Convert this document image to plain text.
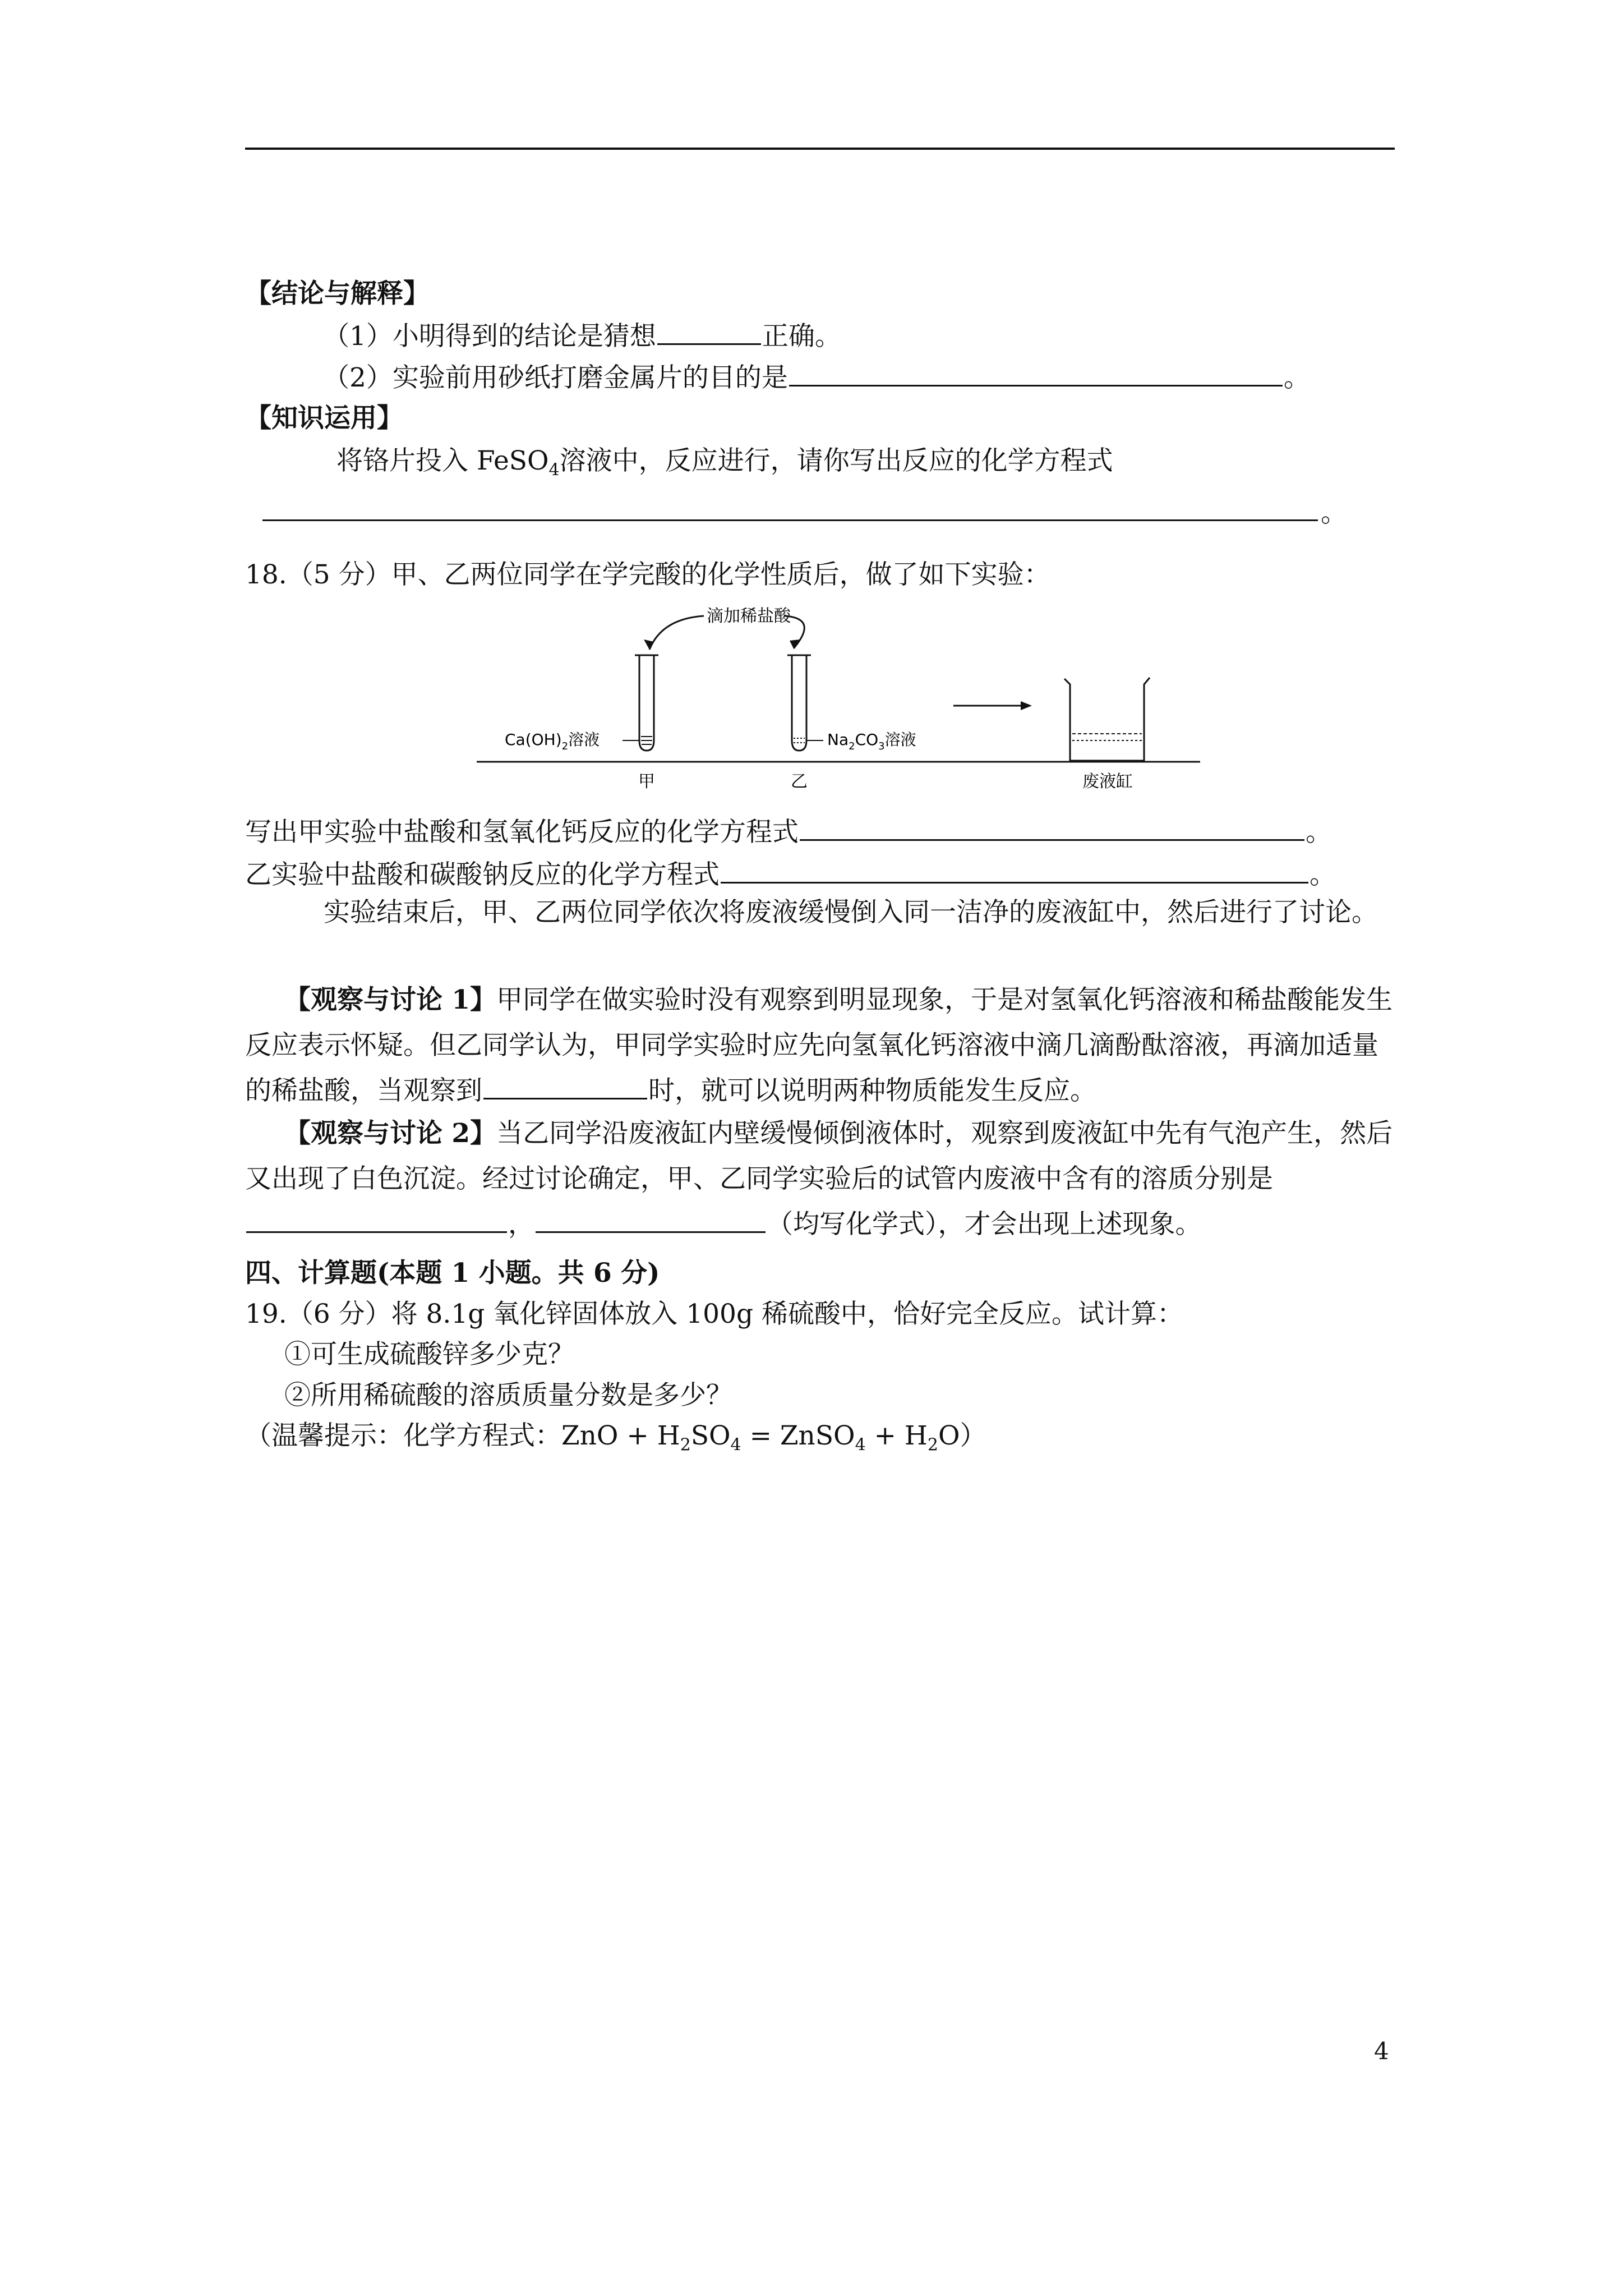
【结论与解释】
（1）小明得到的结论是猜想	正确。
（2）实验前用砂纸打磨金属片的目的是	。
【知识运用】
将铬片投入 FeSO$_4$溶液中，反应进行，请你写出反应的化学方程式
。
18.（5 分）甲、乙两位同学在学完酸的化学性质后，做了如下实验：
滴加稀盐酸
$Ca(OH)_2$溶液	$Na_2CO_3$溶液
甲	乙	废液缸
写出甲实验中盐酸和氢氧化钙反应的化学方程式	。
乙实验中盐酸和碳酸钠反应的化学方程式	。
实验结束后，甲、乙两位同学依次将废液缓慢倒入同一洁净的废液缸中，然后进行了讨论。
【观察与讨论 1】甲同学在做实验时没有观察到明显现象，于是对氢氧化钙溶液和稀盐酸能发生反应表示怀疑。但乙同学认为，甲同学实验时应先向氢氧化钙溶液中滴几滴酚酞溶液，再滴加适量的稀盐酸，当观察到	时，就可以说明两种物质能发生反应。
【观察与讨论 2】当乙同学沿废液缸内壁缓慢倾倒液体时，观察到废液缸中先有气泡产生，然后又出现了白色沉淀。经过讨论确定，甲、乙同学实验后的试管内废液中含有的溶质分别是，	（均写化学式），才会出现上述现象。
四、计算题(本题 1 小题。共 6 分)
19.（6 分）将 8.1g 氧化锌固体放入 100g 稀硫酸中，恰好完全反应。试计算：
①可生成硫酸锌多少克？
②所用稀硫酸的溶质质量分数是多少？
（温馨提示：化学方程式：ZnO + $H_2SO_4$ = ZnSO$_4$ + $H_2O$）
4
